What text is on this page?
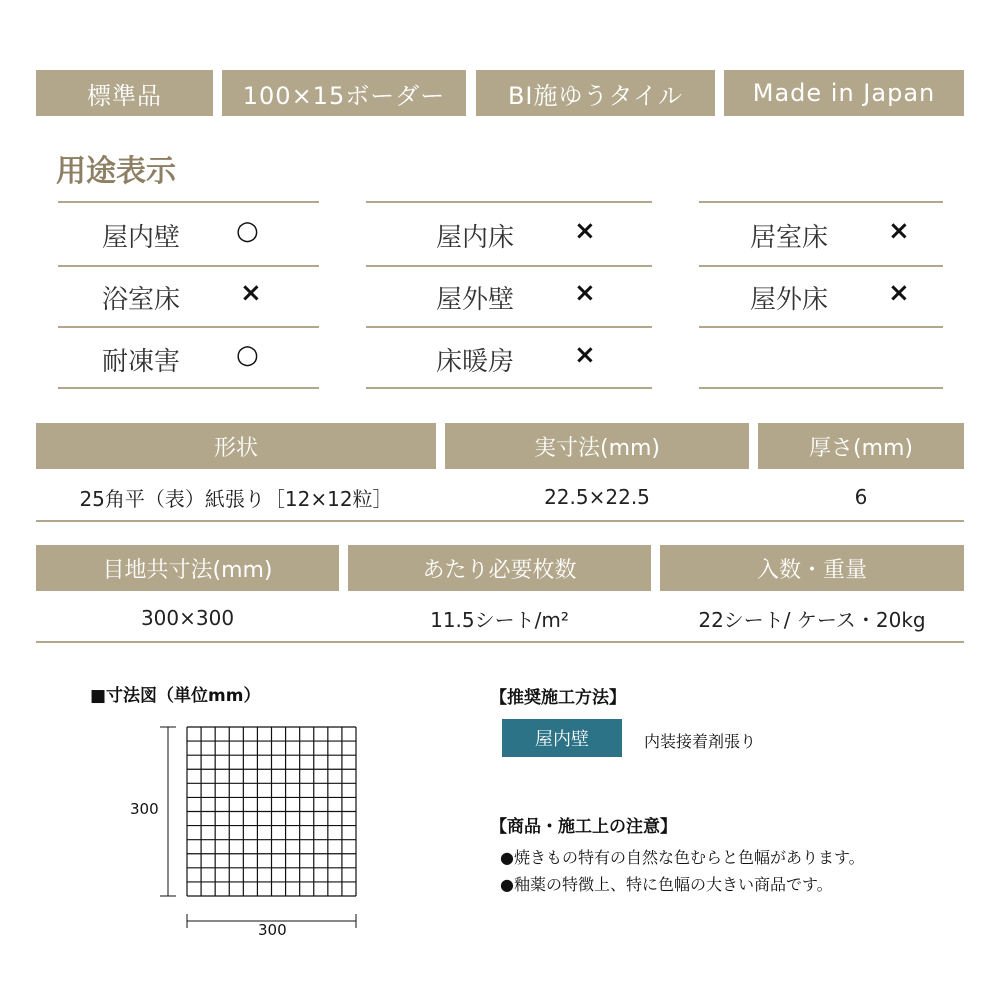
標準品	100×15ボーダー	BI施ゆうタイル	Made in Japan
用途表示
屋内壁 ○	屋内床 ×	居室床 ×
浴室床 ×	屋外壁 ×	屋外床 ×
耐凍害 ○	床暖房 ×
形状	実寸法(mm)	厚さ(mm)
25角平（表）紙張り［12×12粒］	22.5×22.5	6
目地共寸法(mm)	あたり必要枚数	入数・重量
300×300	11.5シート/m²	22シート/ ケース・20kg
■寸法図（単位mm）
300
300
【推奨施工方法】
屋内壁	内装接着剤張り
【商品・施工上の注意】
●焼きもの特有の自然な色むらと色幅があります。
●釉薬の特徴上、特に色幅の大きい商品です。
